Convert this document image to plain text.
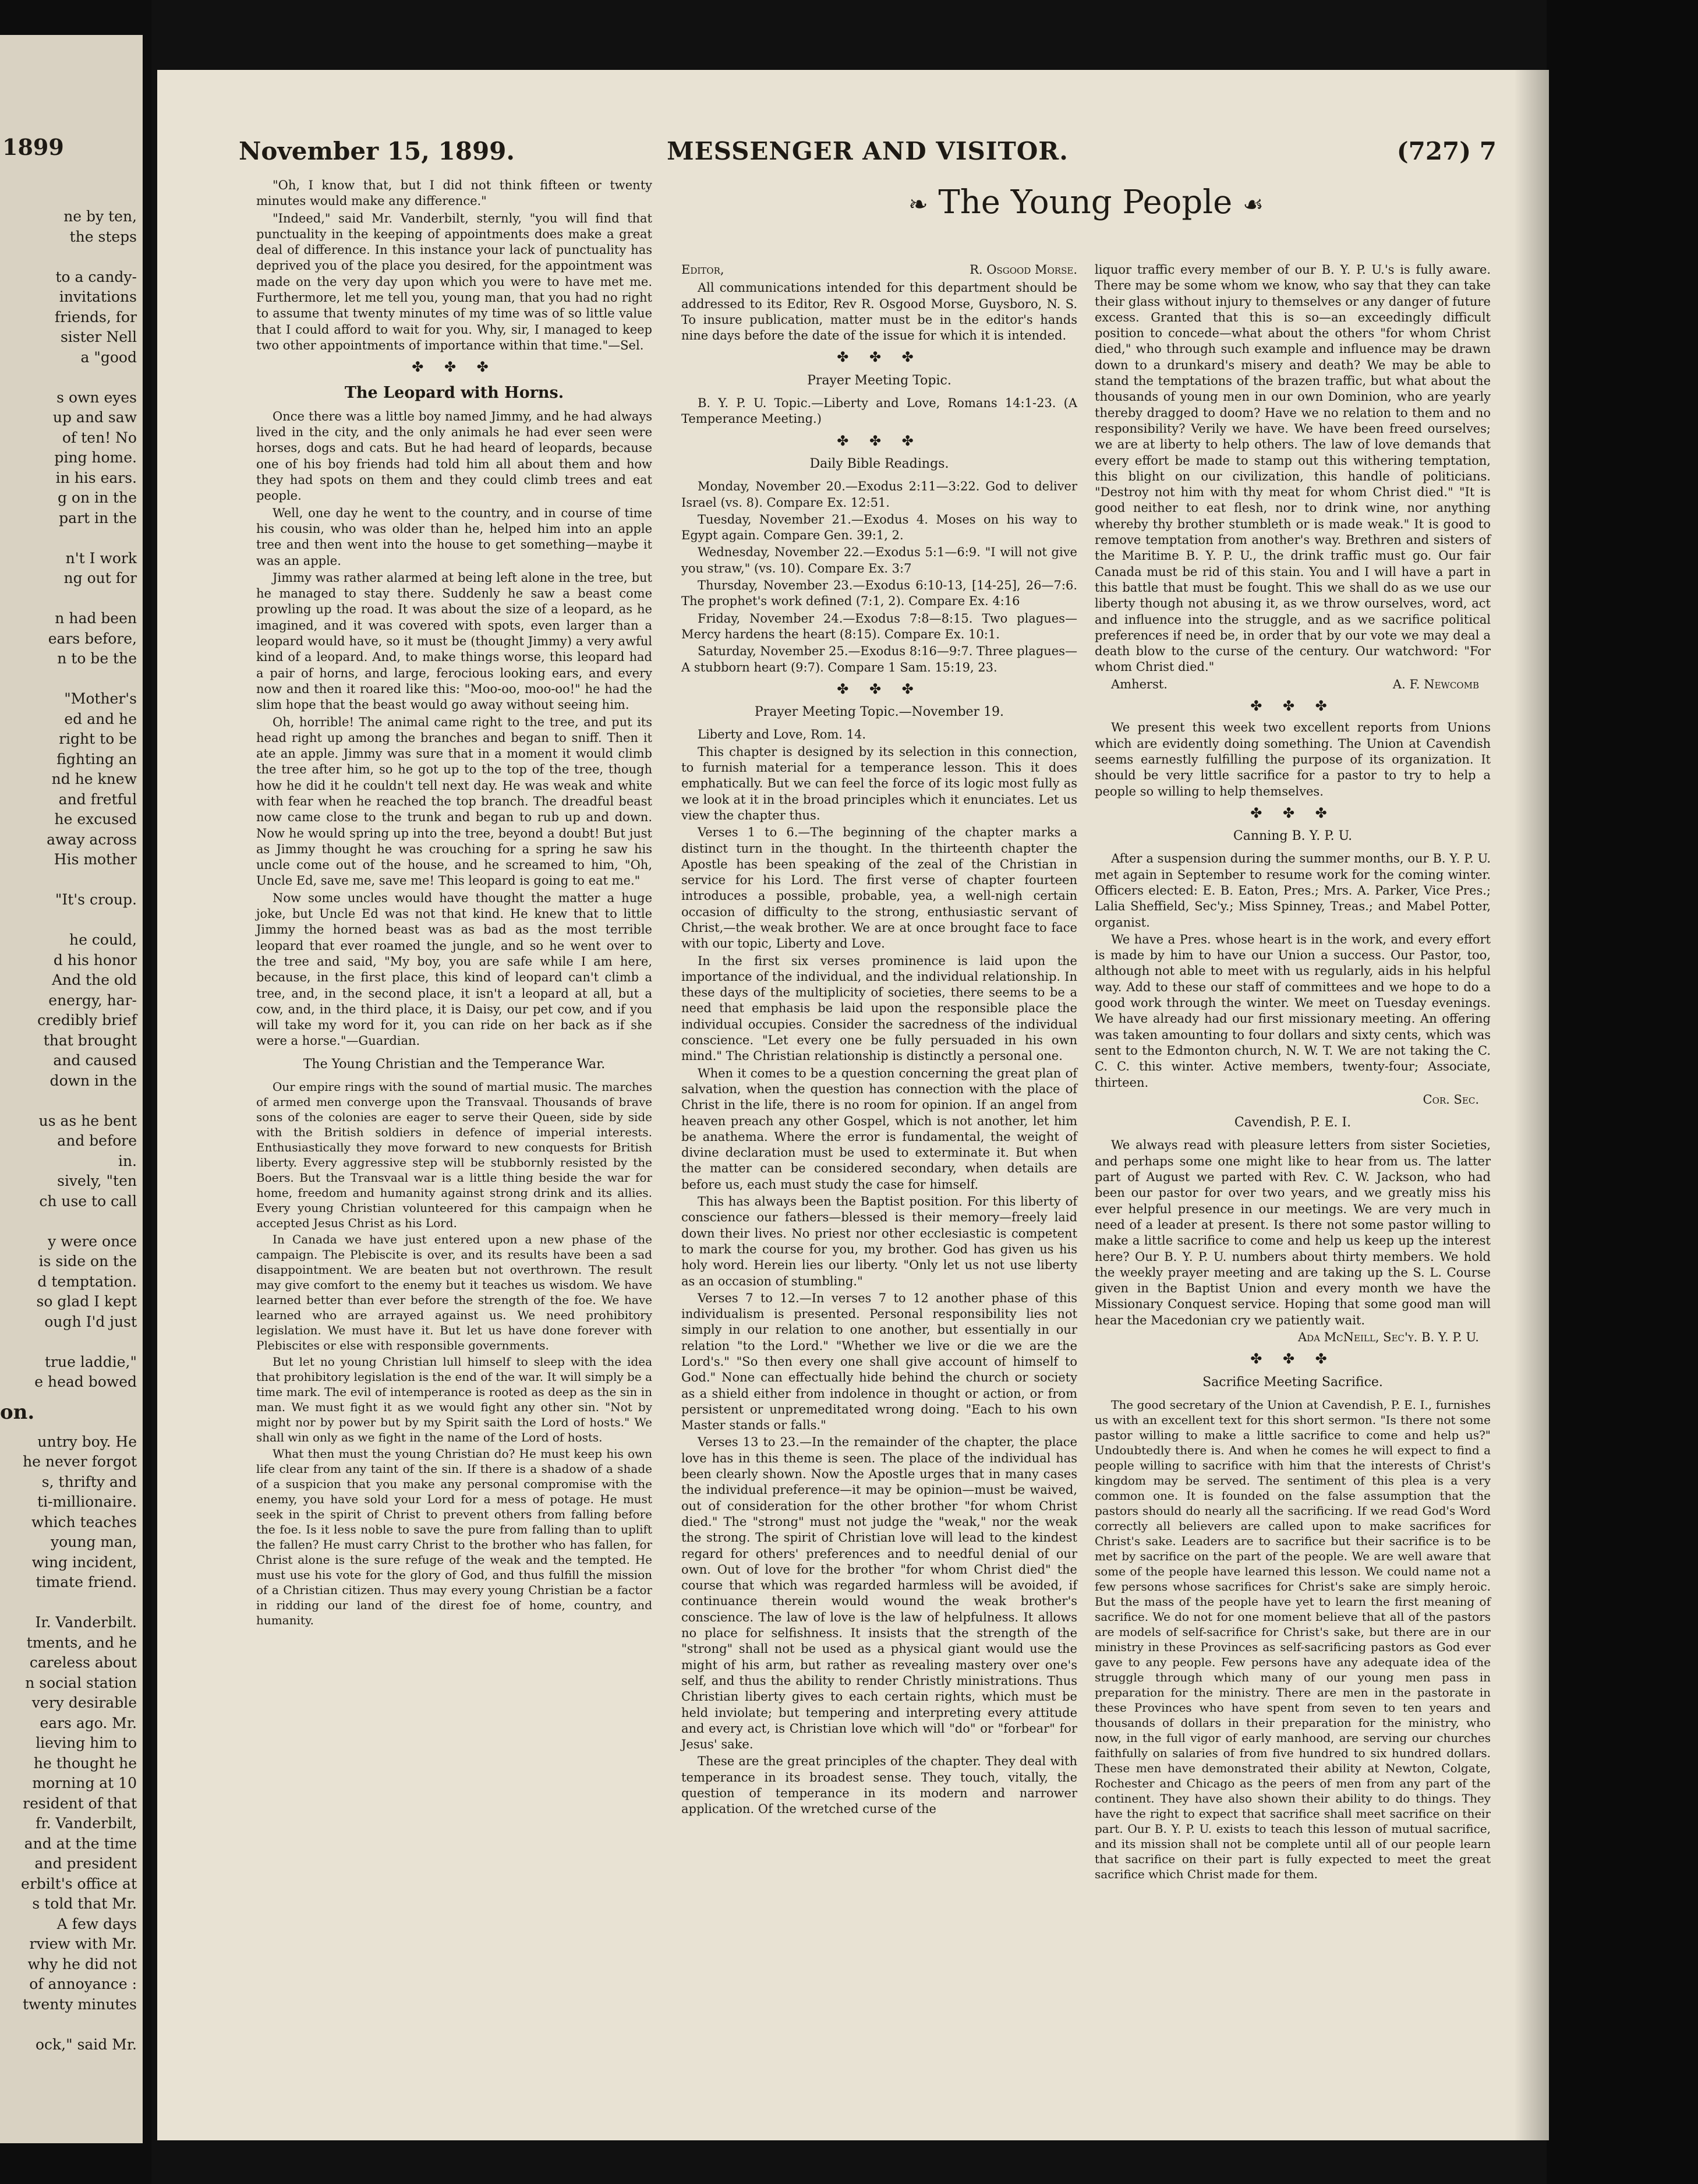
1899
ne by ten,
the steps

to a candy-
invitations
friends, for
sister Nell
a "good

s own eyes
up and saw
of ten! No
ping home.
in his ears.
g on in the
part in the

n't I work
ng out for

n had been
ears before,
n to be the

"Mother's
ed and he
right to be
fighting an
nd he knew
and fretful
he excused
away across
His mother

"It's croup.

he could,
d his honor
And the old
energy, har-
credibly brief
that brought
and caused
down in the

us as he bent
and before
in.
sively, "ten
ch use to call

y were once
is side on the
d temptation.
so glad I kept
ough I'd just

true laddie,"
e head bowed
on.
untry boy. He
he never forgot
s, thrifty and
ti-millionaire.
which teaches
young man,
wing incident,
timate friend.

Ir. Vanderbilt.
tments, and he
careless about
n social station
very desirable
ears ago. Mr.
lieving him to
he thought he
morning at 10
resident of that
fr. Vanderbilt,
and at the time
and president
erbilt's office at
s told that Mr.
A few days
rview with Mr.
why he did not
of annoyance :
twenty minutes

ock," said Mr.
November 15, 1899.	MESSENGER AND VISITOR.	(727) 7
❧ The Young People ☙

"Oh, I know that, but I did not think fifteen or twenty minutes would make any difference."

"Indeed," said Mr. Vanderbilt, sternly, "you will find that punctuality in the keeping of appointments does make a great deal of difference. In this instance your lack of punctuality has deprived you of the place you desired, for the appointment was made on the very day upon which you were to have met me. Furthermore, let me tell you, young man, that you had no right to assume that twenty minutes of my time was of so little value that I could afford to wait for you. Why, sir, I managed to keep two other appointments of importance within that time."—Sel.

✤ ✤ ✤
The Leopard with Horns.

Once there was a little boy named Jimmy, and he had always lived in the city, and the only animals he had ever seen were horses, dogs and cats. But he had heard of leopards, because one of his boy friends had told him all about them and how they had spots on them and they could climb trees and eat people.

Well, one day he went to the country, and in course of time his cousin, who was older than he, helped him into an apple tree and then went into the house to get something—maybe it was an apple.

Jimmy was rather alarmed at being left alone in the tree, but he managed to stay there. Suddenly he saw a beast come prowling up the road. It was about the size of a leopard, as he imagined, and it was covered with spots, even larger than a leopard would have, so it must be (thought Jimmy) a very awful kind of a leopard. And, to make things worse, this leopard had a pair of horns, and large, ferocious looking ears, and every now and then it roared like this: "Moo-oo, moo-oo!" he had the slim hope that the beast would go away without seeing him.

Oh, horrible! The animal came right to the tree, and put its head right up among the branches and began to sniff. Then it ate an apple. Jimmy was sure that in a moment it would climb the tree after him, so he got up to the top of the tree, though how he did it he couldn't tell next day. He was weak and white with fear when he reached the top branch. The dreadful beast now came close to the trunk and began to rub up and down. Now he would spring up into the tree, beyond a doubt! But just as Jimmy thought he was crouching for a spring he saw his uncle come out of the house, and he screamed to him, "Oh, Uncle Ed, save me, save me! This leopard is going to eat me."

Now some uncles would have thought the matter a huge joke, but Uncle Ed was not that kind. He knew that to little Jimmy the horned beast was as bad as the most terrible leopard that ever roamed the jungle, and so he went over to the tree and said, "My boy, you are safe while I am here, because, in the first place, this kind of leopard can't climb a tree, and, in the second place, it isn't a leopard at all, but a cow, and, in the third place, it is Daisy, our pet cow, and if you will take my word for it, you can ride on her back as if she were a horse."—Guardian.

The Young Christian and the Temperance War.

Our empire rings with the sound of martial music. The marches of armed men converge upon the Transvaal. Thousands of brave sons of the colonies are eager to serve their Queen, side by side with the British soldiers in defence of imperial interests. Enthusiastically they move forward to new conquests for British liberty. Every aggressive step will be stubbornly resisted by the Boers. But the Transvaal war is a little thing beside the war for home, freedom and humanity against strong drink and its allies. Every young Christian volunteered for this campaign when he accepted Jesus Christ as his Lord.

In Canada we have just entered upon a new phase of the campaign. The Plebiscite is over, and its results have been a sad disappointment. We are beaten but not overthrown. The result may give comfort to the enemy but it teaches us wisdom. We have learned better than ever before the strength of the foe. We have learned who are arrayed against us. We need prohibitory legislation. We must have it. But let us have done forever with Plebiscites or else with responsible governments.

But let no young Christian lull himself to sleep with the idea that prohibitory legislation is the end of the war. It will simply be a time mark. The evil of intemperance is rooted as deep as the sin in man. We must fight it as we would fight any other sin. "Not by might nor by power but by my Spirit saith the Lord of hosts." We shall win only as we fight in the name of the Lord of hosts.

What then must the young Christian do? He must keep his own life clear from any taint of the sin. If there is a shadow of a shade of a suspicion that you make any personal compromise with the enemy, you have sold your Lord for a mess of potage. He must seek in the spirit of Christ to prevent others from falling before the foe. Is it less noble to save the pure from falling than to uplift the fallen? He must carry Christ to the brother who has fallen, for Christ alone is the sure refuge of the weak and the tempted. He must use his vote for the glory of God, and thus fulfill the mission of a Christian citizen. Thus may every young Christian be a factor in ridding our land of the direst foe of home, country, and humanity.

Editor,	R. Osgood Morse.

All communications intended for this department should be addressed to its Editor, Rev R. Osgood Morse, Guysboro, N. S. To insure publication, matter must be in the editor's hands nine days before the date of the issue for which it is intended.

✤ ✤ ✤
Prayer Meeting Topic.

B. Y. P. U. Topic.—Liberty and Love, Romans 14:1-23. (A Temperance Meeting.)

✤ ✤ ✤
Daily Bible Readings.

Monday, November 20.—Exodus 2:11—3:22. God to deliver Israel (vs. 8). Compare Ex. 12:51.

Tuesday, November 21.—Exodus 4. Moses on his way to Egypt again. Compare Gen. 39:1, 2.

Wednesday, November 22.—Exodus 5:1—6:9. "I will not give you straw," (vs. 10). Compare Ex. 3:7

Thursday, November 23.—Exodus 6:10-13, [14-25], 26—7:6. The prophet's work defined (7:1, 2). Compare Ex. 4:16

Friday, November 24.—Exodus 7:8—8:15. Two plagues—Mercy hardens the heart (8:15). Compare Ex. 10:1.

Saturday, November 25.—Exodus 8:16—9:7. Three plagues—A stubborn heart (9:7). Compare 1 Sam. 15:19, 23.

✤ ✤ ✤
Prayer Meeting Topic.—November 19.

Liberty and Love, Rom. 14.

This chapter is designed by its selection in this connection, to furnish material for a temperance lesson. This it does emphatically. But we can feel the force of its logic most fully as we look at it in the broad principles which it enunciates. Let us view the chapter thus.

Verses 1 to 6.—The beginning of the chapter marks a distinct turn in the thought. In the thirteenth chapter the Apostle has been speaking of the zeal of the Christian in service for his Lord. The first verse of chapter fourteen introduces a possible, probable, yea, a well-nigh certain occasion of difficulty to the strong, enthusiastic servant of Christ,—the weak brother. We are at once brought face to face with our topic, Liberty and Love.

In the first six verses prominence is laid upon the importance of the individual, and the individual relationship. In these days of the multiplicity of societies, there seems to be a need that emphasis be laid upon the responsible place the individual occupies. Consider the sacredness of the individual conscience. "Let every one be fully persuaded in his own mind." The Christian relationship is distinctly a personal one.

When it comes to be a question concerning the great plan of salvation, when the question has connection with the place of Christ in the life, there is no room for opinion. If an angel from heaven preach any other Gospel, which is not another, let him be anathema. Where the error is fundamental, the weight of divine declaration must be used to exterminate it. But when the matter can be considered secondary, when details are before us, each must study the case for himself.

This has always been the Baptist position. For this liberty of conscience our fathers—blessed is their memory—freely laid down their lives. No priest nor other ecclesiastic is competent to mark the course for you, my brother. God has given us his holy word. Herein lies our liberty. "Only let us not use liberty as an occasion of stumbling."

Verses 7 to 12.—In verses 7 to 12 another phase of this individualism is presented. Personal responsibility lies not simply in our relation to one another, but essentially in our relation "to the Lord." "Whether we live or die we are the Lord's." "So then every one shall give account of himself to God." None can effectually hide behind the church or society as a shield either from indolence in thought or action, or from persistent or unpremeditated wrong doing. "Each to his own Master stands or falls."

Verses 13 to 23.—In the remainder of the chapter, the place love has in this theme is seen. The place of the individual has been clearly shown. Now the Apostle urges that in many cases the individual preference—it may be opinion—must be waived, out of consideration for the other brother "for whom Christ died." The "strong" must not judge the "weak," nor the weak the strong. The spirit of Christian love will lead to the kindest regard for others' preferences and to needful denial of our own. Out of love for the brother "for whom Christ died" the course that which was regarded harmless will be avoided, if continuance therein would wound the weak brother's conscience. The law of love is the law of helpfulness. It allows no place for selfishness. It insists that the strength of the "strong" shall not be used as a physical giant would use the might of his arm, but rather as revealing mastery over one's self, and thus the ability to render Christly ministrations. Thus Christian liberty gives to each certain rights, which must be held inviolate; but tempering and interpreting every attitude and every act, is Christian love which will "do" or "forbear" for Jesus' sake.

These are the great principles of the chapter. They deal with temperance in its broadest sense. They touch, vitally, the question of temperance in its modern and narrower application. Of the wretched curse of the

liquor traffic every member of our B. Y. P. U.'s is fully aware. There may be some whom we know, who say that they can take their glass without injury to themselves or any danger of future excess. Granted that this is so—an exceedingly difficult position to concede—what about the others "for whom Christ died," who through such example and influence may be drawn down to a drunkard's misery and death? We may be able to stand the temptations of the brazen traffic, but what about the thousands of young men in our own Dominion, who are yearly thereby dragged to doom? Have we no relation to them and no responsibility? Verily we have. We have been freed ourselves; we are at liberty to help others. The law of love demands that every effort be made to stamp out this withering temptation, this blight on our civilization, this handle of politicians. "Destroy not him with thy meat for whom Christ died." "It is good neither to eat flesh, nor to drink wine, nor anything whereby thy brother stumbleth or is made weak." It is good to remove temptation from another's way. Brethren and sisters of the Maritime B. Y. P. U., the drink traffic must go. Our fair Canada must be rid of this stain. You and I will have a part in this battle that must be fought. This we shall do as we use our liberty though not abusing it, as we throw ourselves, word, act and influence into the struggle, and as we sacrifice political preferences if need be, in order that by our vote we may deal a death blow to the curse of the century. Our watchword: "For whom Christ died."

Amherst.	A. F. Newcomb
✤ ✤ ✤

We present this week two excellent reports from Unions which are evidently doing something. The Union at Cavendish seems earnestly fulfilling the purpose of its organization. It should be very little sacrifice for a pastor to try to help a people so willing to help themselves.

✤ ✤ ✤
Canning B. Y. P. U.

After a suspension during the summer months, our B. Y. P. U. met again in September to resume work for the coming winter. Officers elected: E. B. Eaton, Pres.; Mrs. A. Parker, Vice Pres.; Lalia Sheffield, Sec'y.; Miss Spinney, Treas.; and Mabel Potter, organist.

We have a Pres. whose heart is in the work, and every effort is made by him to have our Union a success. Our Pastor, too, although not able to meet with us regularly, aids in his helpful way. Add to these our staff of committees and we hope to do a good work through the winter. We meet on Tuesday evenings. We have already had our first missionary meeting. An offering was taken amounting to four dollars and sixty cents, which was sent to the Edmonton church, N. W. T. We are not taking the C. C. C. this winter. Active members, twenty-four; Associate, thirteen.

Cor. Sec.
Cavendish, P. E. I.

We always read with pleasure letters from sister Societies, and perhaps some one might like to hear from us. The latter part of August we parted with Rev. C. W. Jackson, who had been our pastor for over two years, and we greatly miss his ever helpful presence in our meetings. We are very much in need of a leader at present. Is there not some pastor willing to make a little sacrifice to come and help us keep up the interest here? Our B. Y. P. U. numbers about thirty members. We hold the weekly prayer meeting and are taking up the S. L. Course given in the Baptist Union and every month we have the Missionary Conquest service. Hoping that some good man will hear the Macedonian cry we patiently wait.

Ada McNeill, Sec'y. B. Y. P. U.
✤ ✤ ✤
Sacrifice Meeting Sacrifice.

The good secretary of the Union at Cavendish, P. E. I., furnishes us with an excellent text for this short sermon. "Is there not some pastor willing to make a little sacrifice to come and help us?" Undoubtedly there is. And when he comes he will expect to find a people willing to sacrifice with him that the interests of Christ's kingdom may be served. The sentiment of this plea is a very common one. It is founded on the false assumption that the pastors should do nearly all the sacrificing. If we read God's Word correctly all believers are called upon to make sacrifices for Christ's sake. Leaders are to sacrifice but their sacrifice is to be met by sacrifice on the part of the people. We are well aware that some of the people have learned this lesson. We could name not a few persons whose sacrifices for Christ's sake are simply heroic. But the mass of the people have yet to learn the first meaning of sacrifice. We do not for one moment believe that all of the pastors are models of self-sacrifice for Christ's sake, but there are in our ministry in these Provinces as self-sacrificing pastors as God ever gave to any people. Few persons have any adequate idea of the struggle through which many of our young men pass in preparation for the ministry. There are men in the pastorate in these Provinces who have spent from seven to ten years and thousands of dollars in their preparation for the ministry, who now, in the full vigor of early manhood, are serving our churches faithfully on salaries of from five hundred to six hundred dollars. These men have demonstrated their ability at Newton, Colgate, Rochester and Chicago as the peers of men from any part of the continent. They have also shown their ability to do things. They have the right to expect that sacrifice shall meet sacrifice on their part. Our B. Y. P. U. exists to teach this lesson of mutual sacrifice, and its mission shall not be complete until all of our people learn that sacrifice on their part is fully expected to meet the great sacrifice which Christ made for them.
